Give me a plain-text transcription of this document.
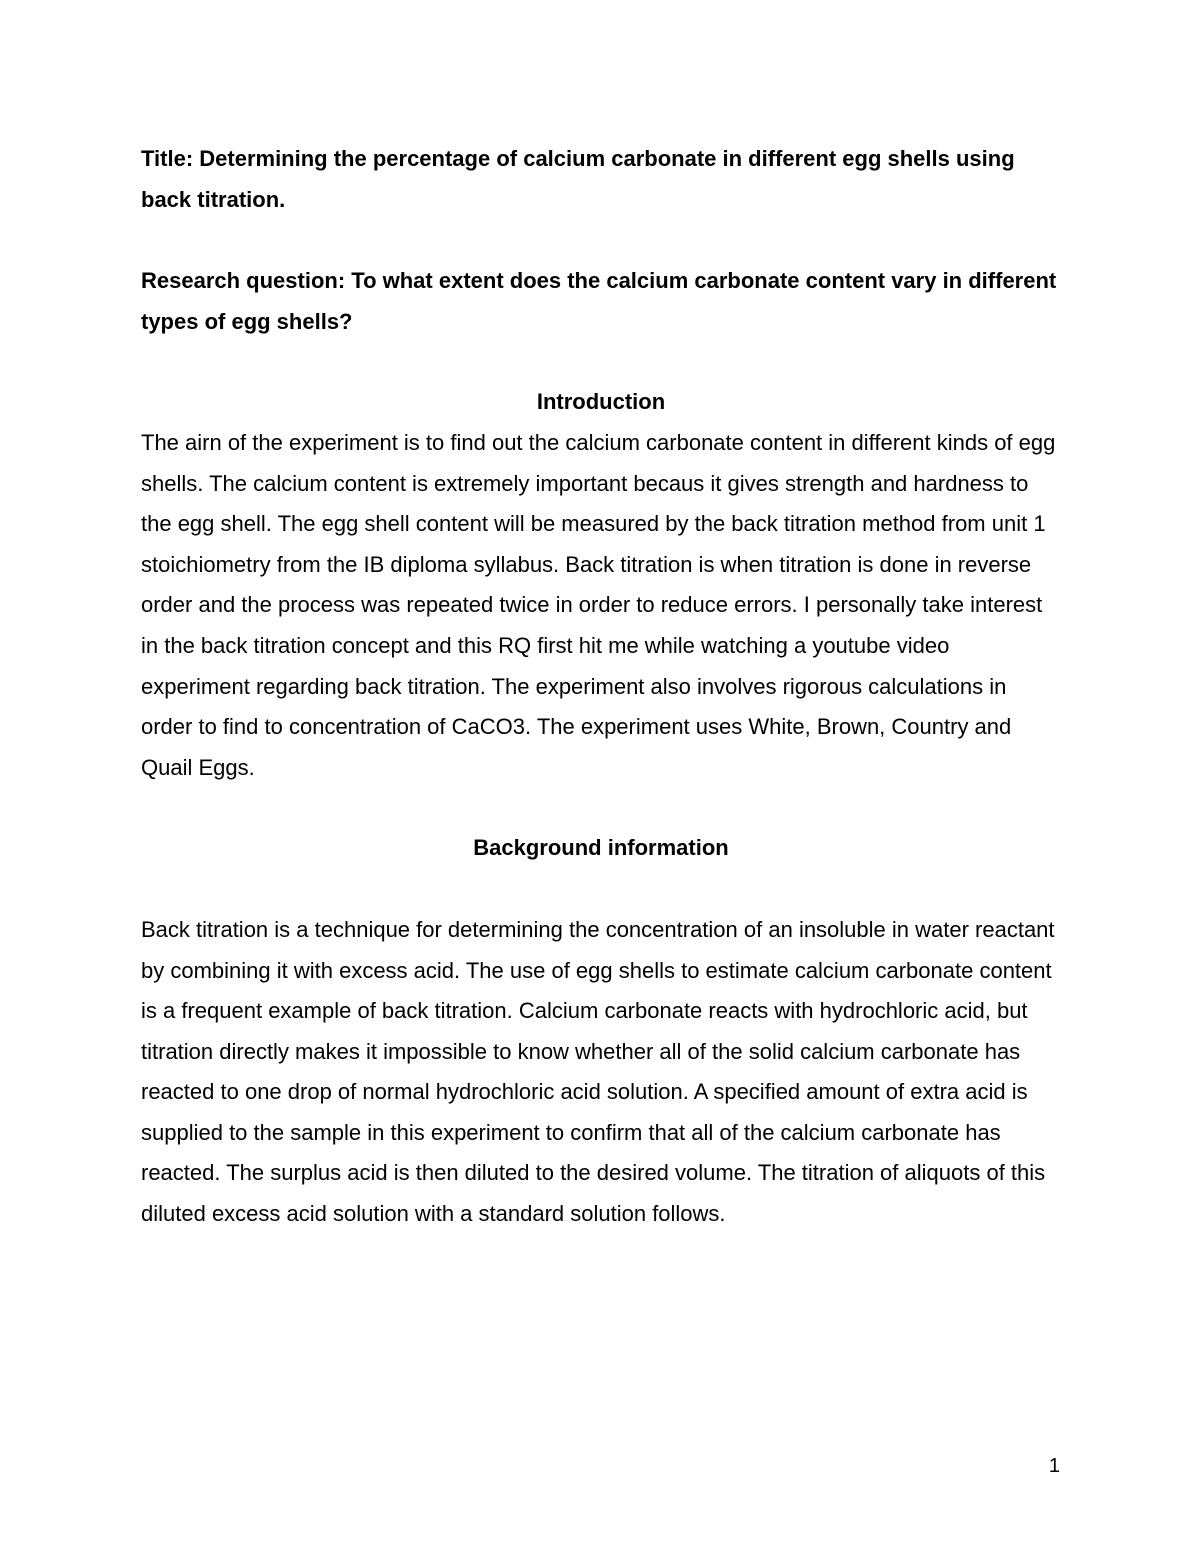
Title: Determining the percentage of calcium carbonate in different egg shells using back titration.

Research question: To what extent does the calcium carbonate content vary in different types of egg shells?

Introduction

The airn of the experiment is to find out the calcium carbonate content in different kinds of egg shells. The calcium content is extremely important becaus it gives strength and hardness to the egg shell. The egg shell content will be measured by the back titration method from unit 1 stoichiometry from the IB diploma syllabus. Back titration is when titration is done in reverse order and the process was repeated twice in order to reduce errors. I personally take interest in the back titration concept and this RQ first hit me while watching a youtube video experiment regarding back titration. The experiment also involves rigorous calculations in order to find to concentration of CaCO3. The experiment uses White, Brown, Country and Quail Eggs.

Background information

Back titration is a technique for determining the concentration of an insoluble in water reactant by combining it with excess acid. The use of egg shells to estimate calcium carbonate content is a frequent example of back titration. Calcium carbonate reacts with hydrochloric acid, but titration directly makes it impossible to know whether all of the solid calcium carbonate has reacted to one drop of normal hydrochloric acid solution. A specified amount of extra acid is supplied to the sample in this experiment to confirm that all of the calcium carbonate has reacted. The surplus acid is then diluted to the desired volume. The titration of aliquots of this diluted excess acid solution with a standard solution follows.

1
